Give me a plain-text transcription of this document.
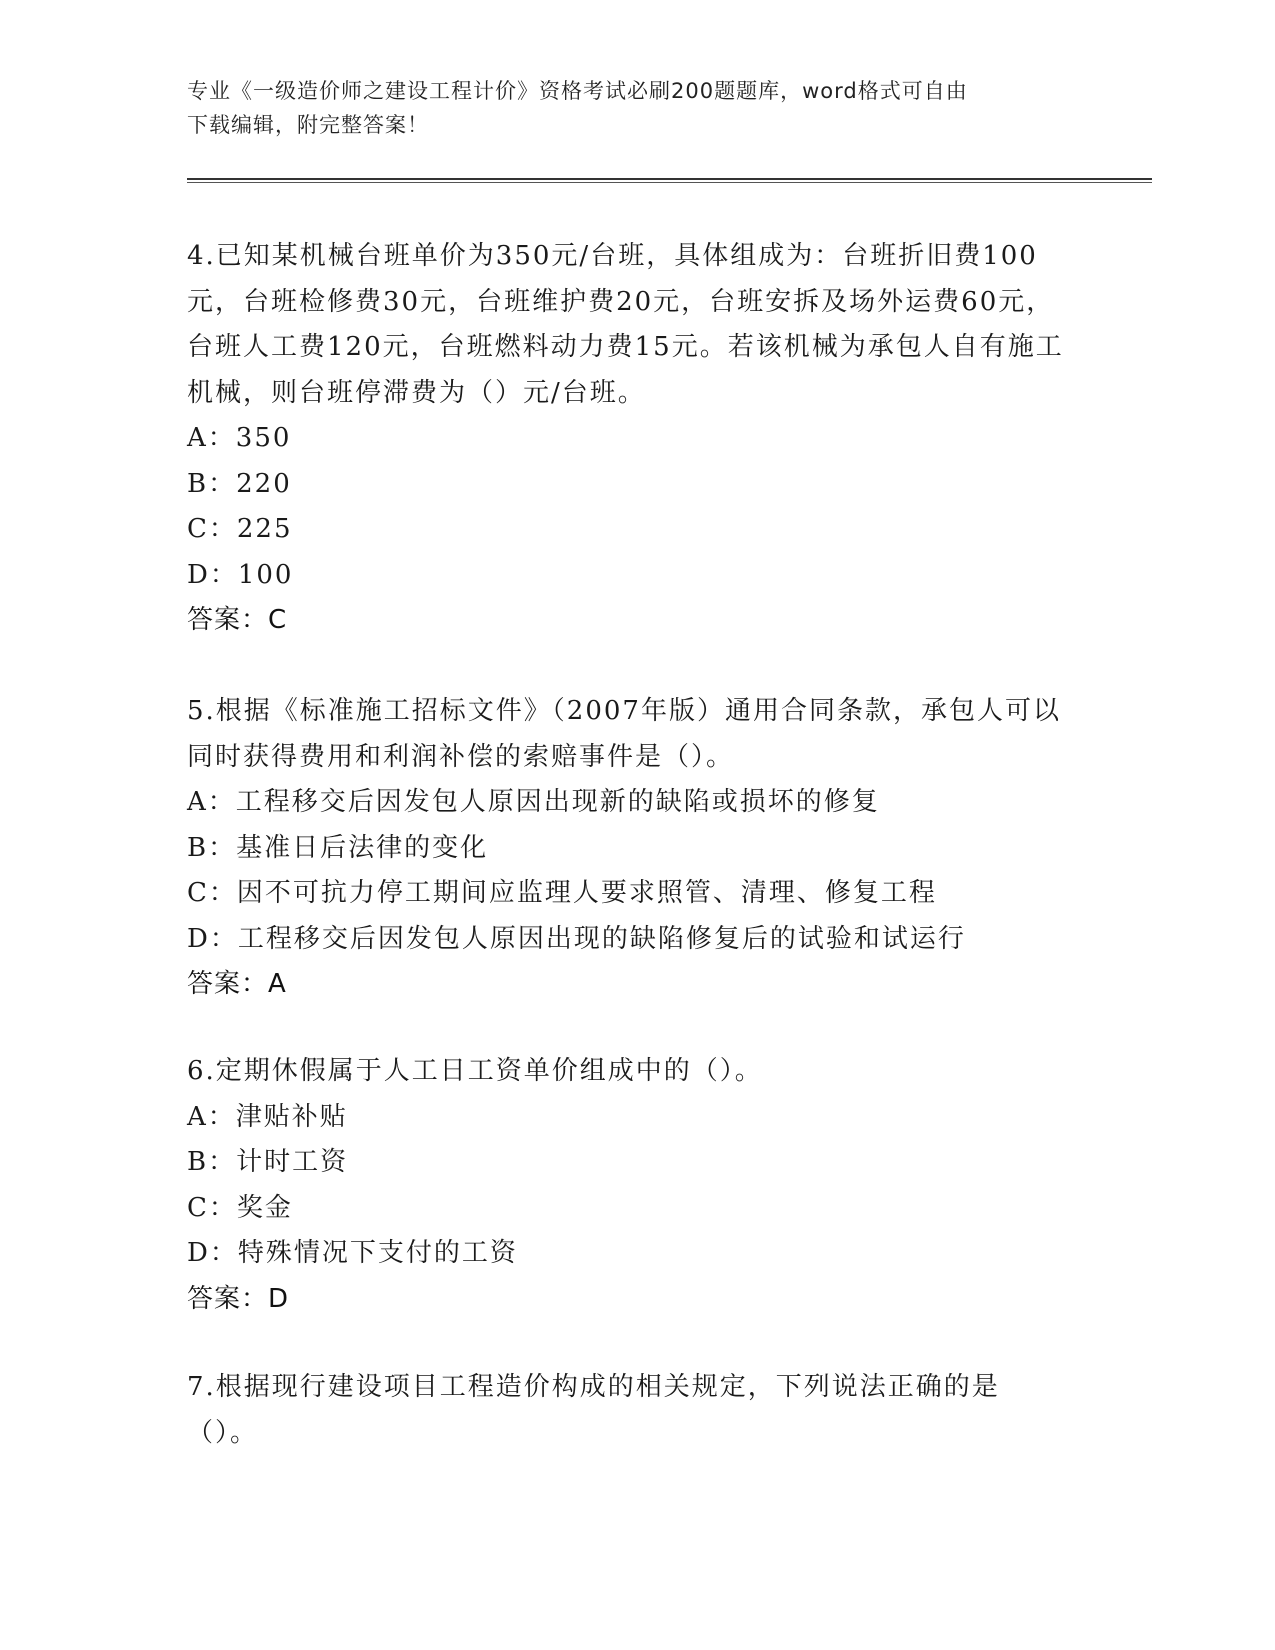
专业《一级造价师之建设工程计价》资格考试必刷200题题库，word格式可自由
下载编辑，附完整答案！

4.已知某机械台班单价为350元/台班，具体组成为：台班折旧费100元，台班检修费30元，台班维护费20元，台班安拆及场外运费60元，台班人工费120元，台班燃料动力费15元。若该机械为承包人自有施工机械，则台班停滞费为（）元/台班。

A：350

B：220

C：225

D：100

答案：C

5.根据《标准施工招标文件》（2007年版）通用合同条款，承包人可以同时获得费用和利润补偿的索赔事件是（）。

A：工程移交后因发包人原因出现新的缺陷或损坏的修复

B：基准日后法律的变化

C：因不可抗力停工期间应监理人要求照管、清理、修复工程

D：工程移交后因发包人原因出现的缺陷修复后的试验和试运行

答案：A

6.定期休假属于人工日工资单价组成中的（）。

A：津贴补贴

B：计时工资

C：奖金

D：特殊情况下支付的工资

答案：D

7.根据现行建设项目工程造价构成的相关规定，下列说法正确的是（）。
